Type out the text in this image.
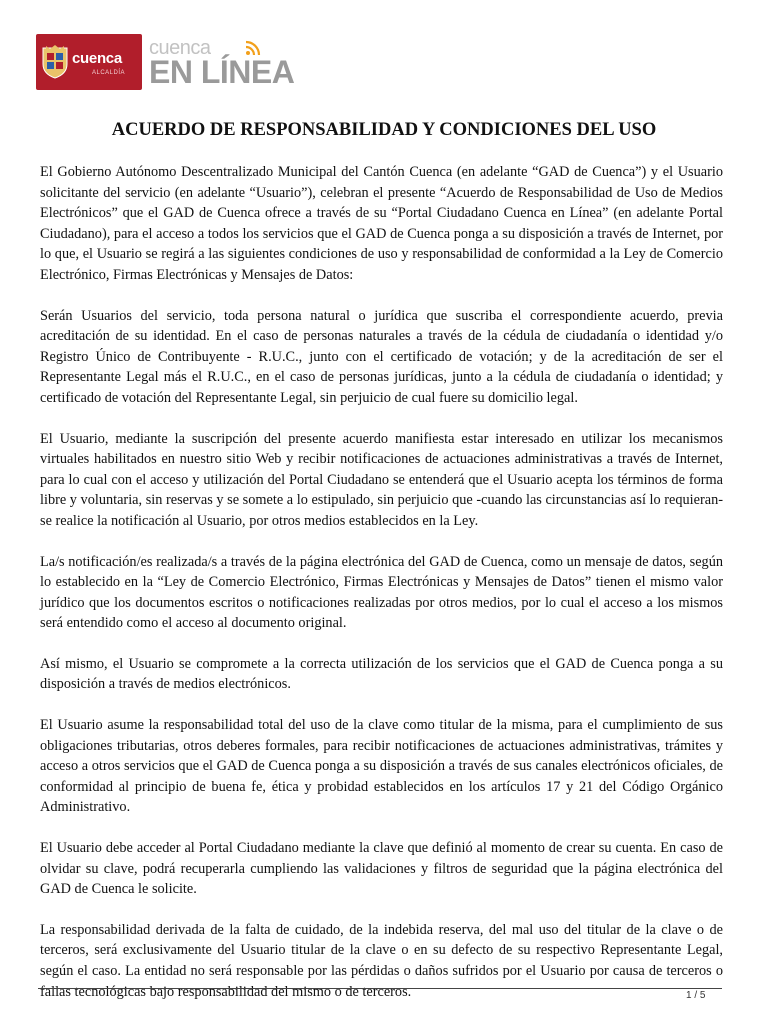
cuenca
ALCALDÍA
cuenca
EN LÍNEA
ACUERDO DE RESPONSABILIDAD Y CONDICIONES DEL USO

El Gobierno Autónomo Descentralizado Municipal del Cantón Cuenca (en adelante “GAD de Cuenca”) y el Usuario solicitante del servicio (en adelante “Usuario”), celebran el presente “Acuerdo de Responsabilidad de Uso de Medios Electrónicos” que el GAD de Cuenca ofrece a través de su “Portal Ciudadano Cuenca en Línea” (en adelante Portal Ciudadano), para el acceso a todos los servicios que el GAD de Cuenca ponga a su disposición a través de Internet, por lo que, el Usuario se regirá a las siguientes condiciones de uso y responsabilidad de conformidad a la Ley de Comercio Electrónico, Firmas Electrónicas y Mensajes de Datos:

Serán Usuarios del servicio, toda persona natural o jurídica que suscriba el correspondiente acuerdo, previa acreditación de su identidad. En el caso de personas naturales a través de la cédula de ciudadanía o identidad y/o Registro Único de Contribuyente - R.U.C., junto con el certificado de votación; y de la acreditación de ser el Representante Legal más el R.U.C., en el caso de personas jurídicas, junto a la cédula de ciudadanía o identidad; y certificado de votación del Representante Legal, sin perjuicio de cual fuere su domicilio legal.

El Usuario, mediante la suscripción del presente acuerdo manifiesta estar interesado en utilizar los mecanismos virtuales habilitados en nuestro sitio Web y recibir notificaciones de actuaciones administrativas a través de Internet, para lo cual con el acceso y utilización del Portal Ciudadano se entenderá que el Usuario acepta los términos de forma libre y voluntaria, sin reservas y se somete a lo estipulado, sin perjuicio que -cuando las circunstancias así lo requieran- se realice la notificación al Usuario, por otros medios establecidos en la Ley.

La/s notificación/es realizada/s a través de la página electrónica del GAD de Cuenca, como un mensaje de datos, según lo establecido en la “Ley de Comercio Electrónico, Firmas Electrónicas y Mensajes de Datos” tienen el mismo valor jurídico que los documentos escritos o notificaciones realizadas por otros medios, por lo cual el acceso a los mismos será entendido como el acceso al documento original.

Así mismo, el Usuario se compromete a la correcta utilización de los servicios que el GAD de Cuenca ponga a su disposición a través de medios electrónicos.

El Usuario asume la responsabilidad total del uso de la clave como titular de la misma, para el cumplimiento de sus obligaciones tributarias, otros deberes formales, para recibir notificaciones de actuaciones administrativas, trámites y acceso a otros servicios que el GAD de Cuenca ponga a su disposición a través de sus canales electrónicos oficiales, de conformidad al principio de buena fe, ética y probidad establecidos en los artículos 17 y 21 del Código Orgánico Administrativo.

El Usuario debe acceder al Portal Ciudadano mediante la clave que definió al momento de crear su cuenta. En caso de olvidar su clave, podrá recuperarla cumpliendo las validaciones y filtros de seguridad que la página electrónica del GAD de Cuenca le solicite.

La responsabilidad derivada de la falta de cuidado, de la indebida reserva, del mal uso del titular de la clave o de terceros, será exclusivamente del Usuario titular de la clave o en su defecto de su respectivo Representante Legal, según el caso. La entidad no será responsable por las pérdidas o daños sufridos por el Usuario por causa de terceros o fallas tecnológicas bajo responsabilidad del mismo o de terceros.	1 / 5
